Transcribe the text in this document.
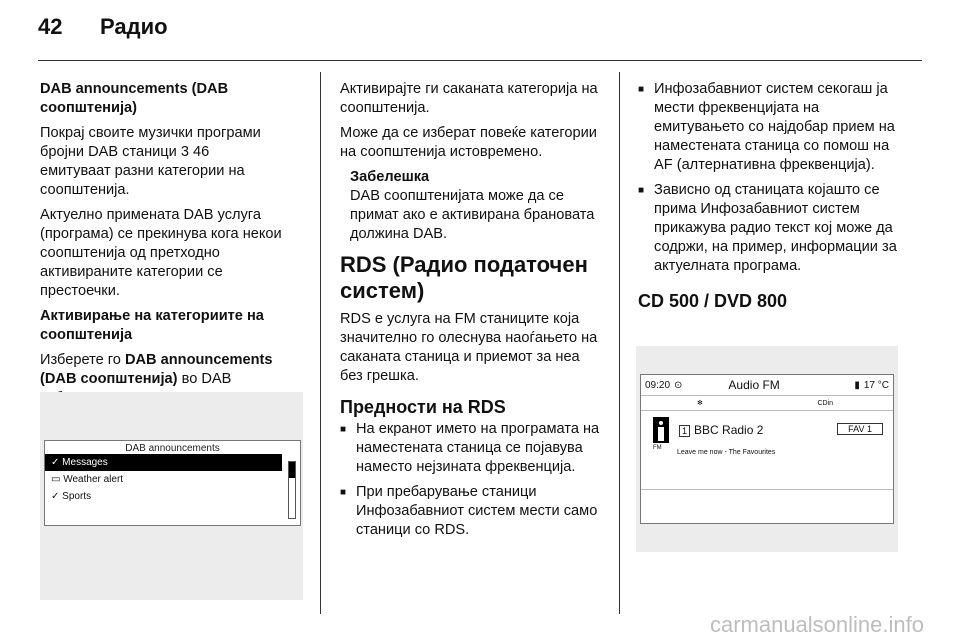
42 Радио

DAB announcements (DAB соопштенија)

Покрај своите музички програми бројни DAB станици 3 46
емитуваат разни категории на соопштенија.

Актуелно примената DAB услуга (програма) се прекинува кога некои соопштенија од претходно активираните категории се престоечки.

Активирање на категориите на соопштенија

Изберете го DAB announcements (DAB соопштенија) во DAB

DAB announcements
✓ Messages
▭ Weather alert
✓ Sports

Активирајте ги саканата категорија на соопштенија.

Може да се изберат повеќе категории на соопштенија истовремено.

Забелешка
DAB соопштенијата може да се примат ако е активирана брановата должина DAB.
RDS (Радио податочен систем)

RDS е услуга на FM станиците која значително го олеснува наоѓањето на саканата станица и приемот за неа без грешка.

Предности на RDS
■ На екранот името на програмата на наместената станица се појавува наместо нејзината фреквенција.
■ При пребарување станици Инфозабавниот систем мести само станици со RDS.
■ Инфозабавниот систем секогаш ја мести фреквенцијата на емитувањето со најдобар прием на наместената станица со помош на AF (алтернативна фреквенција).
■ Зависно од станицата којашто се прима Инфозабавниот систем прикажува радио текст кој може да содржи, на пример, информации за актуелната програма.
CD 500 / DVD 800
09:20 ⊙	Audio FM	▮ 17 °C
✻	CDin
FM
1 BBC Radio 2	FAV 1
Leave me now - The Favourites
carmanualsonline.info
